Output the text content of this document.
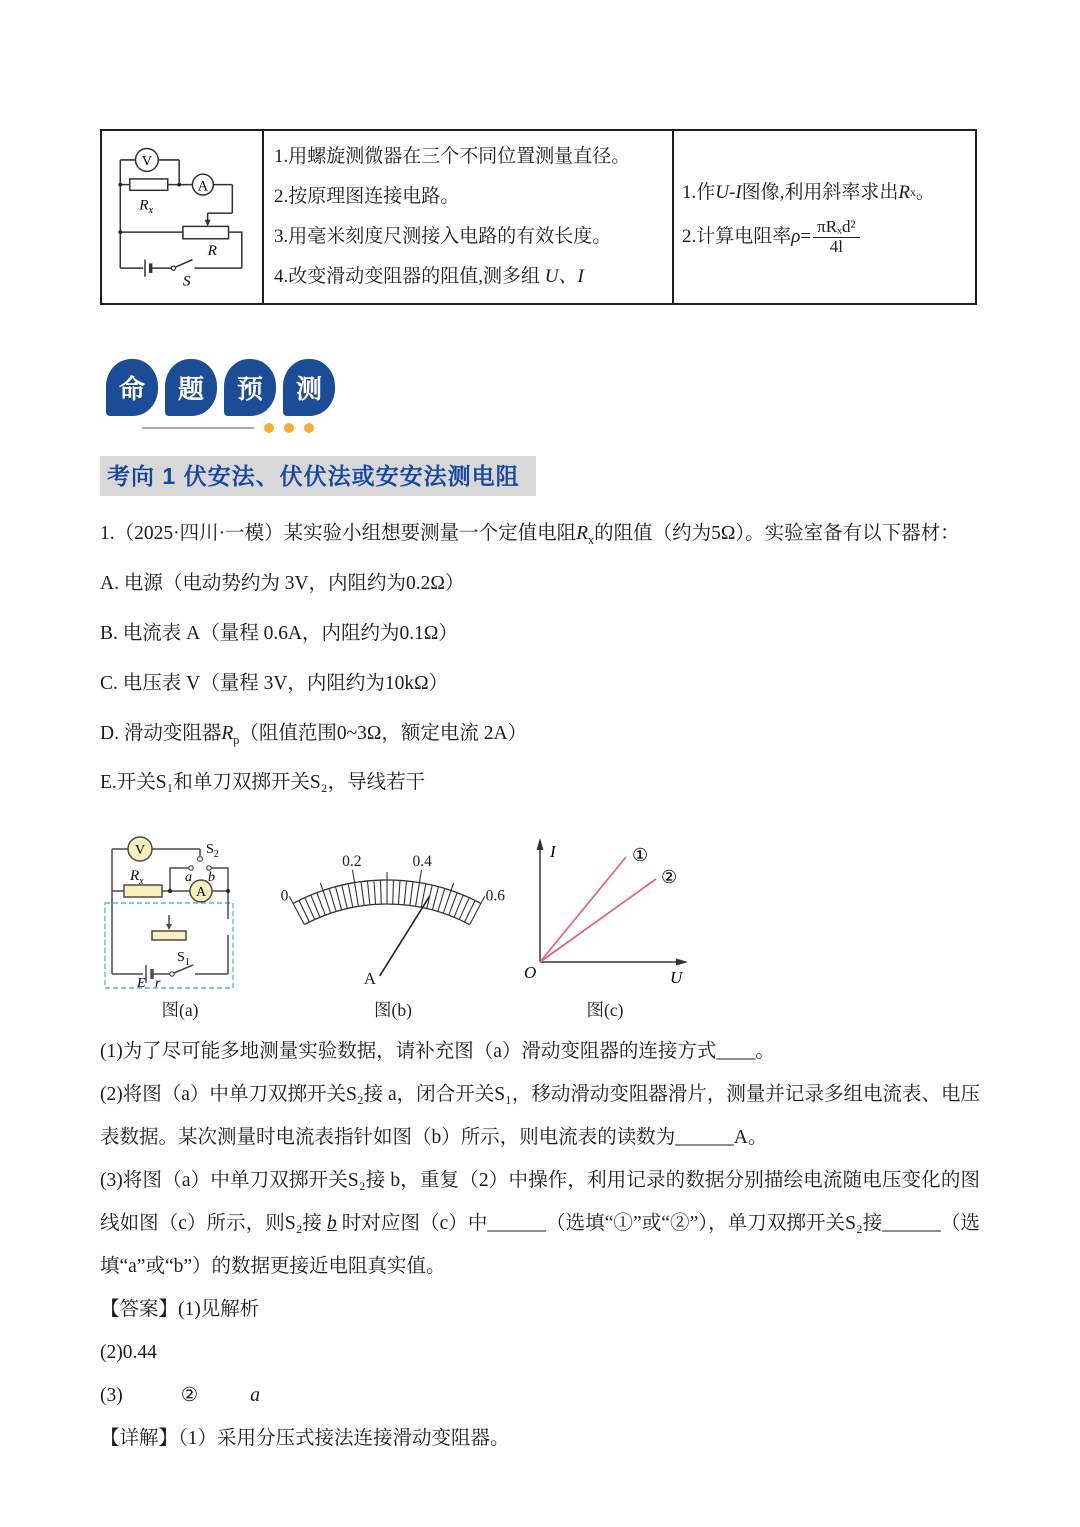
V
A
$R_x$
R
S

1.用螺旋测微器在三个不同位置测量直径。

2.按原理图连接电路。

3.用毫米刻度尺测接入电路的有效长度。

4.改变滑动变阻器的阻值,测多组 U、I

1.作 U-I 图像,利用斜率求出 R x 。

2.计算电阻率 $\rho = \frac{\text{πRₓd²}}{4l}$

命	题	预	测
考向 1 伏安法、伏伏法或安安法测电阻

1.（2025·四川·一模）某实验小组想要测量一个定值电阻$R_x$的阻值（约为5Ω）。实验室备有以下器材：

A. 电源（电动势约为 3V，内阻约为0.2Ω）

B. 电流表 A（量程 0.6A，内阻约为0.1Ω）

C. 电压表 V（量程 3V，内阻约为10kΩ）

D. 滑动变阻器$R_p$（阻值范围0~3Ω，额定电流 2A）

E.开关S₁和单刀双掷开关S₂，导线若干

V
A
$S_2$
a b
$R_x$
E r
$S_1$
图(a)
0
0.2	0.4
0.6
A
图(b)
I
U
O
①
②
图(c)

(1)为了尽可能多地测量实验数据，请补充图（a）滑动变阻器的连接方式____。

(2)将图（a）中单刀双掷开关S₂接 a，闭合开关S₁，移动滑动变阻器滑片，测量并记录多组电流表、电压表数据。某次测量时电流表指针如图（b）所示，则电流表的读数为______A。

(3)将图（a）中单刀双掷开关S₂接 b，重复（2）中操作，利用记录的数据分别描绘电流随电压变化的图线如图（c）所示，则S₂接 b 时对应图（c）中______（选填“①”或“②”），单刀双掷开关S₂接______（选填“a”或“b”）的数据更接近电阻真实值。

【答案】(1)见解析

(2)0.44

(3)	②	a

【详解】（1）采用分压式接法连接滑动变阻器。
